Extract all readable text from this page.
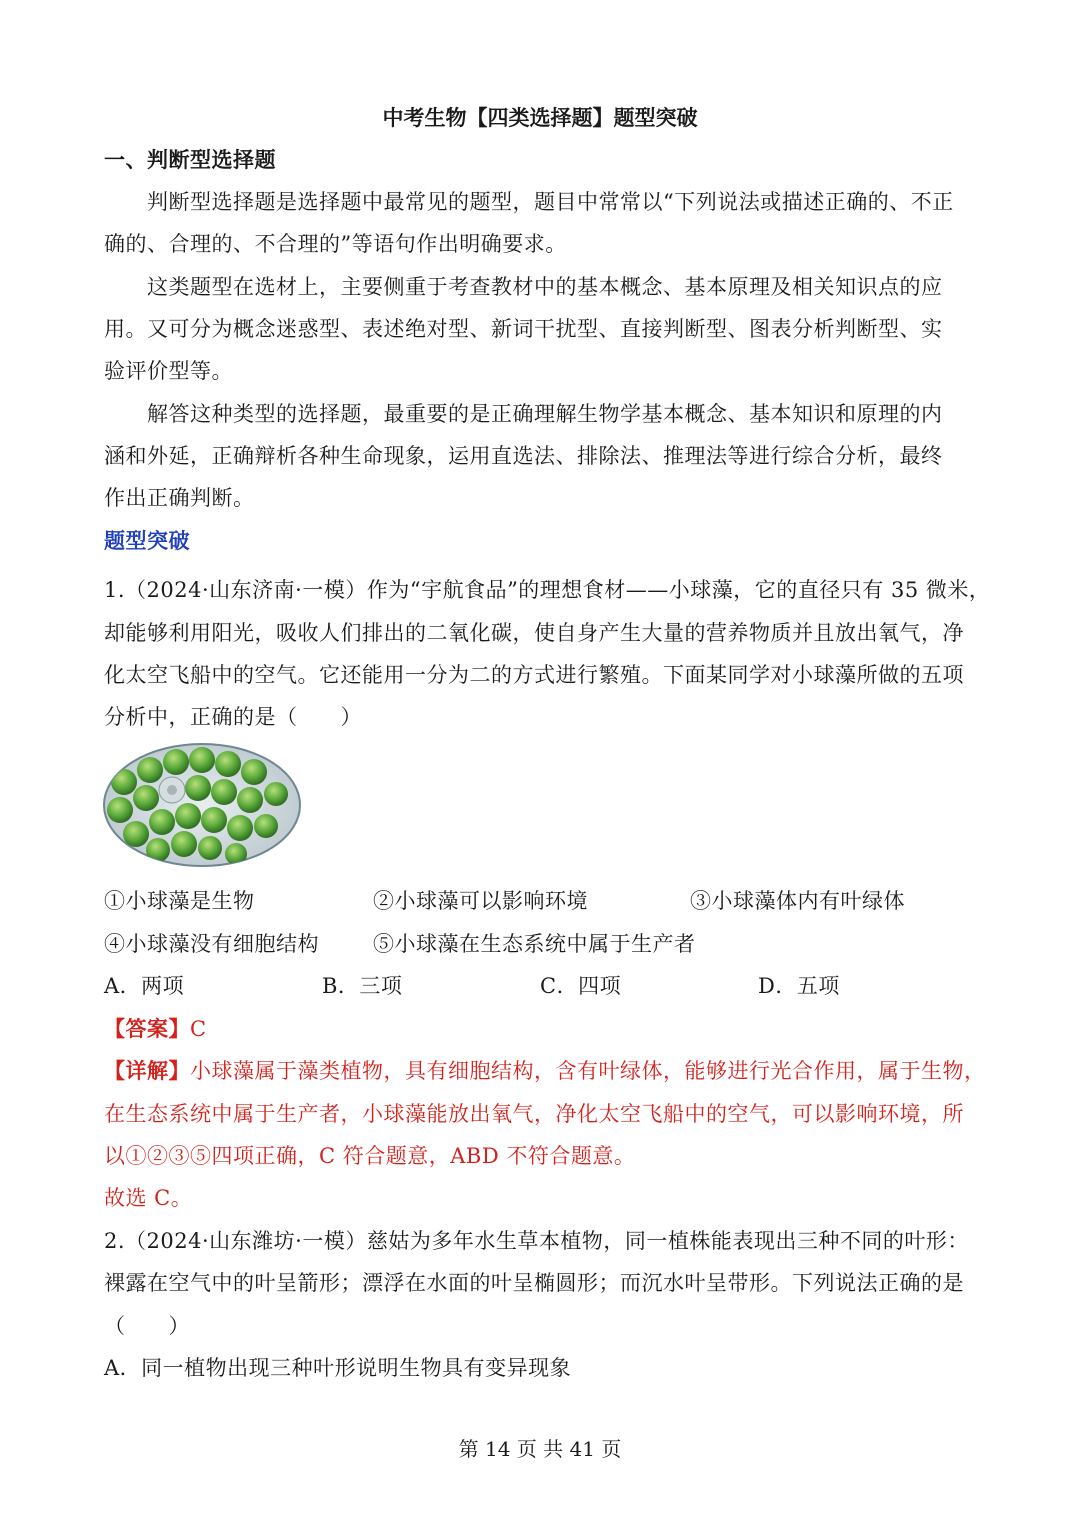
中考生物【四类选择题】题型突破
一、判断型选择题
判断型选择题是选择题中最常见的题型，题目中常常以“下列说法或描述正确的、不正
确的、合理的、不合理的”等语句作出明确要求。
这类题型在选材上，主要侧重于考查教材中的基本概念、基本原理及相关知识点的应
用。又可分为概念迷惑型、表述绝对型、新词干扰型、直接判断型、图表分析判断型、实
验评价型等。
解答这种类型的选择题，最重要的是正确理解生物学基本概念、基本知识和原理的内
涵和外延，正确辩析各种生命现象，运用直选法、排除法、推理法等进行综合分析，最终
作出正确判断。
题型突破
1.（2024·山东济南·一模）作为“宇航食品”的理想食材——小球藻，它的直径只有 35 微米，
却能够利用阳光，吸收人们排出的二氧化碳，使自身产生大量的营养物质并且放出氧气，净
化太空飞船中的空气。它还能用一分为二的方式进行繁殖。下面某同学对小球藻所做的五项
分析中，正确的是（　　）
①小球藻是生物	②小球藻可以影响环境	③小球藻体内有叶绿体
④小球藻没有细胞结构	⑤小球藻在生态系统中属于生产者
A．两项	B．三项	C．四项	D．五项
【答案】C
【详解】小球藻属于藻类植物，具有细胞结构，含有叶绿体，能够进行光合作用，属于生物，
在生态系统中属于生产者，小球藻能放出氧气，净化太空飞船中的空气，可以影响环境，所
以①②③⑤四项正确，C 符合题意，ABD 不符合题意。
故选 C。
2.（2024·山东潍坊·一模）慈姑为多年水生草本植物，同一植株能表现出三种不同的叶形：
裸露在空气中的叶呈箭形；漂浮在水面的叶呈椭圆形；而沉水叶呈带形。下列说法正确的是
（　　）
A．同一植物出现三种叶形说明生物具有变异现象
第 14 页 共 41 页
